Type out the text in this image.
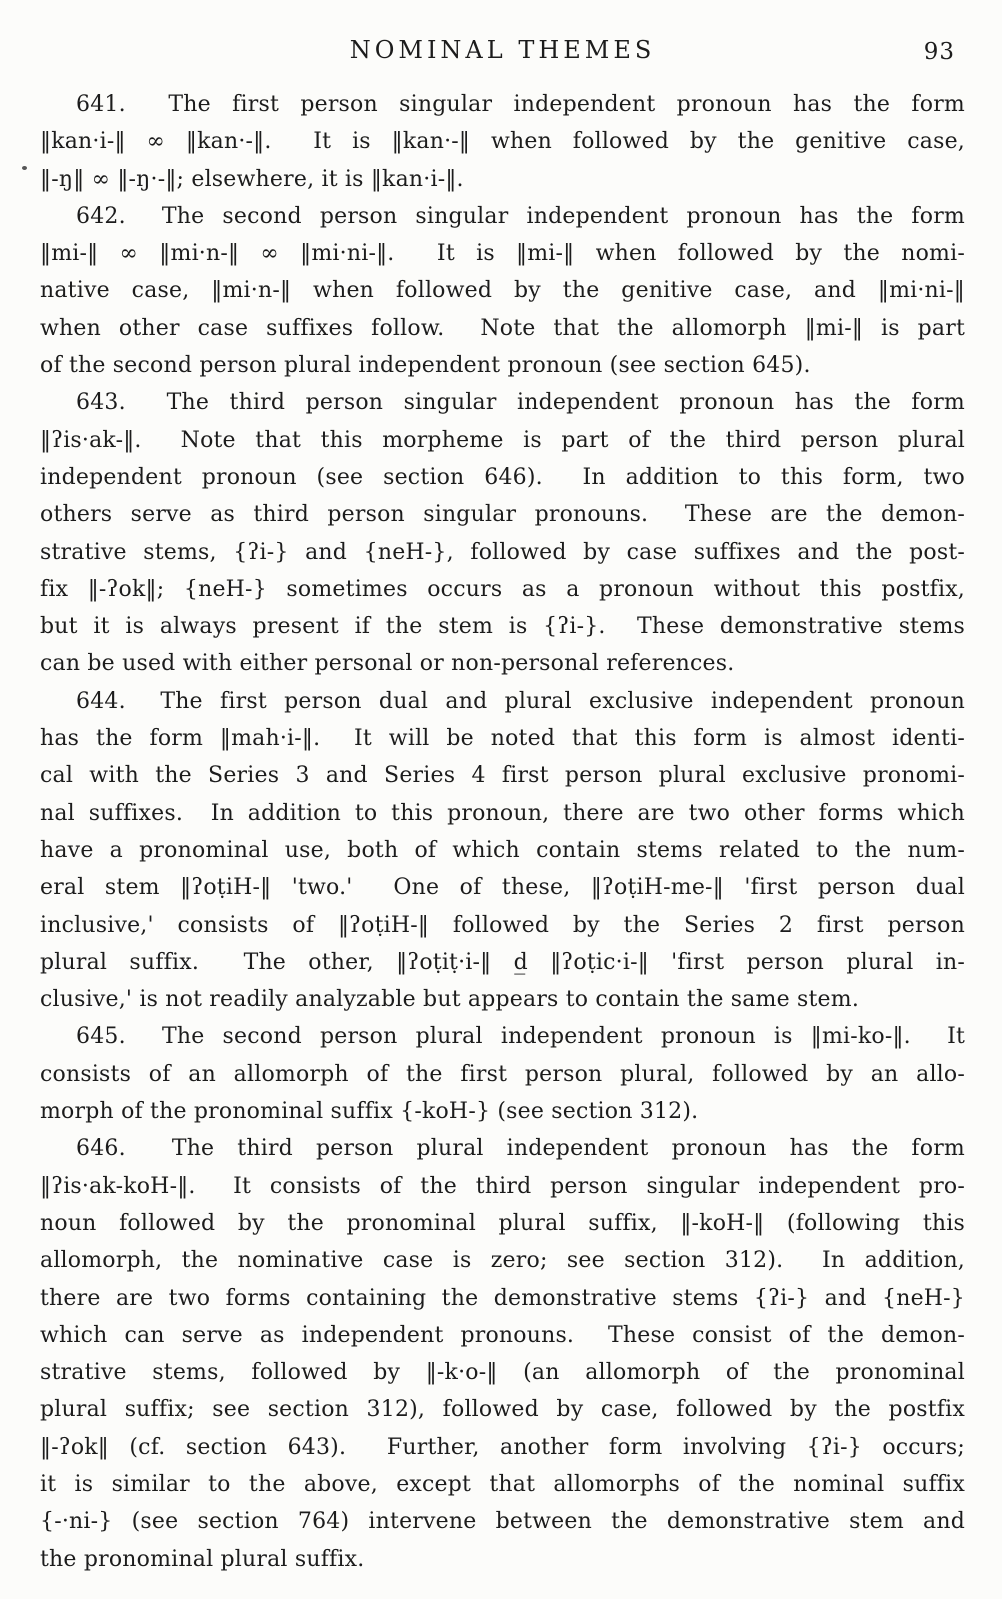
NOMINAL THEMES	93
641.  The first person singular independent pronoun has the form
‖kan·i-‖ ∞ ‖kan·-‖.  It is ‖kan·-‖ when followed by the genitive case,
‖-ŋ‖ ∞ ‖-ŋ·-‖; elsewhere, it is ‖kan·i-‖.
642.  The second person singular independent pronoun has the form
‖mi-‖ ∞ ‖mi·n-‖ ∞ ‖mi·ni-‖.  It is ‖mi-‖ when followed by the nomi-
native case, ‖mi·n-‖ when followed by the genitive case, and ‖mi·ni-‖
when other case suffixes follow.  Note that the allomorph ‖mi-‖ is part
of the second person plural independent pronoun (see section 645).
643.  The third person singular independent pronoun has the form
‖ʔis·ak-‖.  Note that this morpheme is part of the third person plural
independent pronoun (see section 646).  In addition to this form, two
others serve as third person singular pronouns.  These are the demon-
strative stems, {ʔi-} and {neH-}, followed by case suffixes and the post-
fix ‖-ʔok‖; {neH-} sometimes occurs as a pronoun without this postfix,
but it is always present if the stem is {ʔi-}.  These demonstrative stems
can be used with either personal or non-personal references.
644.  The first person dual and plural exclusive independent pronoun
has the form ‖mah·i-‖.  It will be noted that this form is almost identi-
cal with the Series 3 and Series 4 first person plural exclusive pronomi-
nal suffixes.  In addition to this pronoun, there are two other forms which
have a pronominal use, both of which contain stems related to the num-
eral stem ‖ʔoṭiH-‖ 'two.'  One of these, ‖ʔoṭiH-me-‖ 'first person dual
inclusive,' consists of ‖ʔoṭiH-‖ followed by the Series 2 first person
plural suffix.  The other, ‖ʔoṭiṭ·i-‖ d̲ ‖ʔoṭic·i-‖ 'first person plural in-
clusive,' is not readily analyzable but appears to contain the same stem.
645.  The second person plural independent pronoun is ‖mi-ko-‖.  It
consists of an allomorph of the first person plural, followed by an allo-
morph of the pronominal suffix {-koH-} (see section 312).
646.  The third person plural independent pronoun has the form
‖ʔis·ak-koH-‖.  It consists of the third person singular independent pro-
noun followed by the pronominal plural suffix, ‖-koH-‖ (following this
allomorph, the nominative case is zero; see section 312).  In addition,
there are two forms containing the demonstrative stems {ʔi-} and {neH-}
which can serve as independent pronouns.  These consist of the demon-
strative stems, followed by ‖-k·o-‖ (an allomorph of the pronominal
plural suffix; see section 312), followed by case, followed by the postfix
‖-ʔok‖ (cf. section 643).  Further, another form involving {ʔi-} occurs;
it is similar to the above, except that allomorphs of the nominal suffix
{-·ni-} (see section 764) intervene between the demonstrative stem and
the pronominal plural suffix.
